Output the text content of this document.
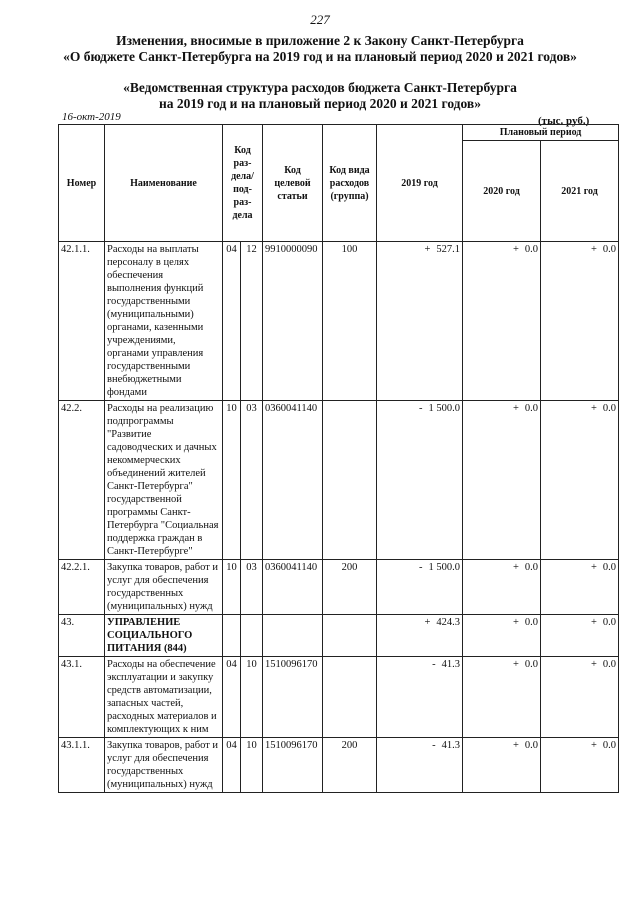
227
Изменения, вносимые в приложение 2 к Закону Санкт-Петербурга
«О бюджете Санкт-Петербурга на 2019 год и на плановый период 2020 и 2021 годов»
«Ведомственная структура расходов бюджета Санкт-Петербурга
на 2019 год и на плановый период 2020 и 2021 годов»
16-окт-2019	(тыс. руб.)
Номер	Наименование	Код раз-дела/ под-раз-дела		Код целевой статьи	Код вида расходов (группа)	2019 год	Плановый период	
							2020 год	2021 год
42.1.1.	Расходы на выплаты персоналу в целях обеспечения выполнения функций государственными (муниципальными) органами, казенными учреждениями, органами управления государственными внебюджетными фондами	04	12	9910000090	100	+ 527.1	+ 0.0	+ 0.0
42.2.	Расходы на реализацию подпрограммы "Развитие садоводческих и дачных некоммерческих объединений жителей Санкт-Петербурга" государственной программы Санкт-Петербурга "Социальная поддержка граждан в Санкт-Петербурге"	10	03	0360041140		- 1 500.0	+ 0.0	+ 0.0
42.2.1.	Закупка товаров, работ и услуг для обеспечения государственных (муниципальных) нужд	10	03	0360041140	200	- 1 500.0	+ 0.0	+ 0.0
43.	УПРАВЛЕНИЕ СОЦИАЛЬНОГО ПИТАНИЯ (844)					+ 424.3	+ 0.0	+ 0.0
43.1.	Расходы на обеспечение эксплуатации и закупку средств автоматизации, запасных частей, расходных материалов и комплектующих к ним	04	10	1510096170		- 41.3	+ 0.0	+ 0.0
43.1.1.	Закупка товаров, работ и услуг для обеспечения государственных (муниципальных) нужд	04	10	1510096170	200	- 41.3	+ 0.0	+ 0.0
